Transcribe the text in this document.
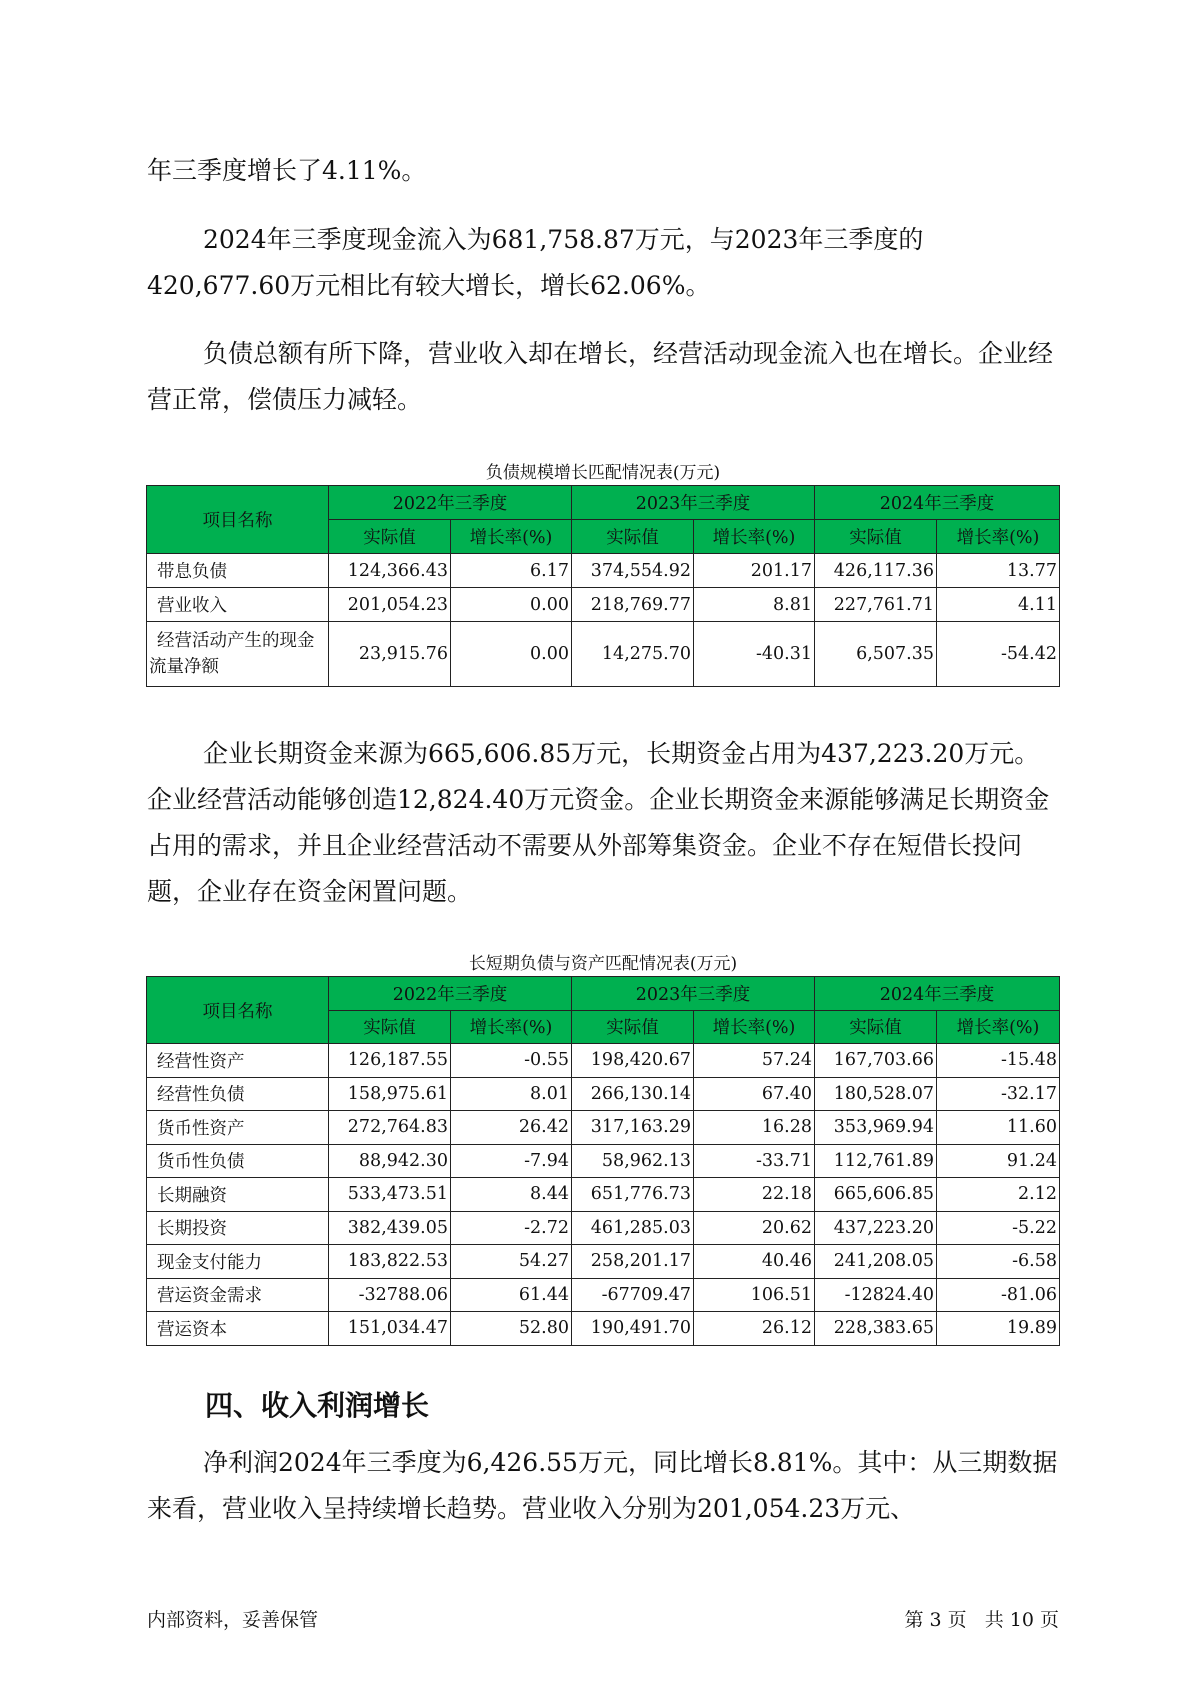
年三季度增长了4.11%。

2024年三季度现金流入为681,758.87万元，与2023年三季度的420,677.60万元相比有较大增长，增长62.06%。

负债总额有所下降，营业收入却在增长，经营活动现金流入也在增长。企业经营正常，偿债压力减轻。

负债规模增长匹配情况表(万元)
项目名称	2022年三季度		2023年三季度		2024年三季度	
	实际值	增长率(%)	实际值	增长率(%)	实际值	增长率(%)
带息负债	124,366.43	6.17	374,554.92	201.17	426,117.36	13.77
营业收入	201,054.23	0.00	218,769.77	8.81	227,761.71	4.11
经营活动产生的现金流量净额	23,915.76	0.00	14,275.70	-40.31	6,507.35	-54.42

企业长期资金来源为665,606.85万元，长期资金占用为437,223.20万元。企业经营活动能够创造12,824.40万元资金。企业长期资金来源能够满足长期资金占用的需求，并且企业经营活动不需要从外部筹集资金。企业不存在短借长投问题，企业存在资金闲置问题。

长短期负债与资产匹配情况表(万元)
项目名称	2022年三季度		2023年三季度		2024年三季度	
	实际值	增长率(%)	实际值	增长率(%)	实际值	增长率(%)
经营性资产	126,187.55	-0.55	198,420.67	57.24	167,703.66	-15.48
经营性负债	158,975.61	8.01	266,130.14	67.40	180,528.07	-32.17
货币性资产	272,764.83	26.42	317,163.29	16.28	353,969.94	11.60
货币性负债	88,942.30	-7.94	58,962.13	-33.71	112,761.89	91.24
长期融资	533,473.51	8.44	651,776.73	22.18	665,606.85	2.12
长期投资	382,439.05	-2.72	461,285.03	20.62	437,223.20	-5.22
现金支付能力	183,822.53	54.27	258,201.17	40.46	241,208.05	-6.58
营运资金需求	-32788.06	61.44	-67709.47	106.51	-12824.40	-81.06
营运资本	151,034.47	52.80	190,491.70	26.12	228,383.65	19.89
四、收入利润增长

净利润2024年三季度为6,426.55万元，同比增长8.81%。其中：从三期数据来看，营业收入呈持续增长趋势。营业收入分别为201,054.23万元、

内部资料，妥善保管	第 3 页   共 10 页
